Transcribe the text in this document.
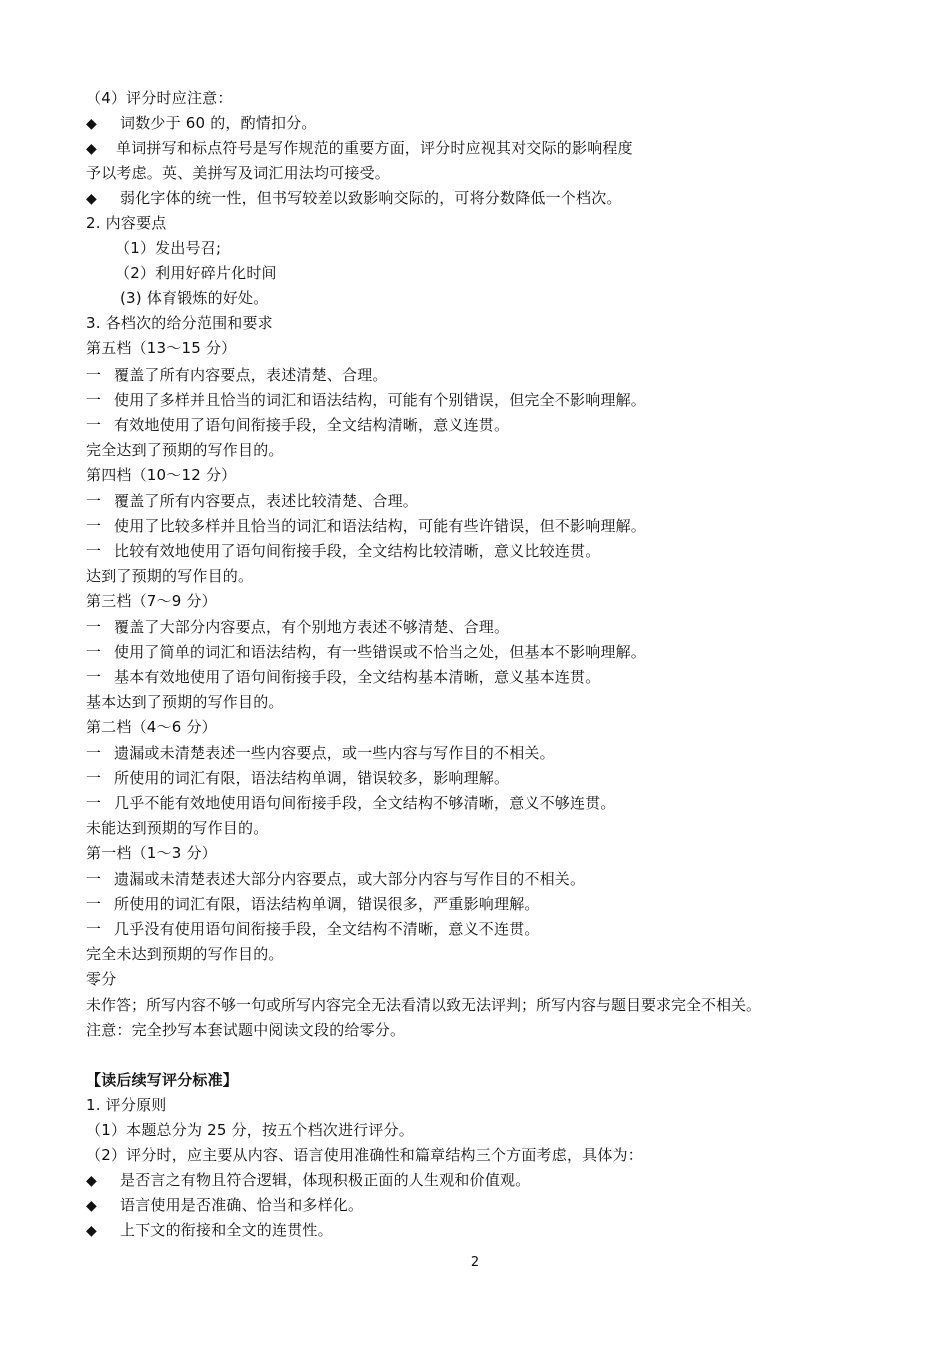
（4）评分时应注意：
◆ 词数少于 60 的，酌情扣分。
◆ 单词拼写和标点符号是写作规范的重要方面，评分时应视其对交际的影响程度
予以考虑。英、美拼写及词汇用法均可接受。
◆ 弱化字体的统一性，但书写较差以致影响交际的，可将分数降低一个档次。
2. 内容要点
（1）发出号召;
（2）利用好碎片化时间
(3) 体育锻炼的好处。
3. 各档次的给分范围和要求
第五档（13～15 分）
一 覆盖了所有内容要点，表述清楚、合理。
一 使用了多样并且恰当的词汇和语法结构，可能有个别错误，但完全不影响理解。
一 有效地使用了语句间衔接手段，全文结构清晰，意义连贯。
完全达到了预期的写作目的。
第四档（10～12 分）
一 覆盖了所有内容要点，表述比较清楚、合理。
一 使用了比较多样并且恰当的词汇和语法结构，可能有些许错误，但不影响理解。
一 比较有效地使用了语句间衔接手段，全文结构比较清晰，意义比较连贯。
达到了预期的写作目的。
第三档（7～9 分）
一 覆盖了大部分内容要点，有个别地方表述不够清楚、合理。
一 使用了简单的词汇和语法结构，有一些错误或不恰当之处，但基本不影响理解。
一 基本有效地使用了语句间衔接手段，全文结构基本清晰，意义基本连贯。
基本达到了预期的写作目的。
第二档（4～6 分）
一 遗漏或未清楚表述一些内容要点，或一些内容与写作目的不相关。
一 所使用的词汇有限，语法结构单调，错误较多，影响理解。
一 几乎不能有效地使用语句间衔接手段，全文结构不够清晰，意义不够连贯。
未能达到预期的写作目的。
第一档（1～3 分）
一 遗漏或未清楚表述大部分内容要点，或大部分内容与写作目的不相关。
一 所使用的词汇有限，语法结构单调，错误很多，严重影响理解。
一 几乎没有使用语句间衔接手段，全文结构不清晰，意义不连贯。
完全未达到预期的写作目的。
零分
未作答；所写内容不够一句或所写内容完全无法看清以致无法评判；所写内容与题目要求完全不相关。
注意：完全抄写本套试题中阅读文段的给零分。
【读后续写评分标准】
1. 评分原则
（1）本题总分为 25 分，按五个档次进行评分。
（2）评分时，应主要从内容、语言使用准确性和篇章结构三个方面考虑，具体为：
◆ 是否言之有物且符合逻辑，体现积极正面的人生观和价值观。
◆ 语言使用是否准确、恰当和多样化。
◆ 上下文的衔接和全文的连贯性。
2
